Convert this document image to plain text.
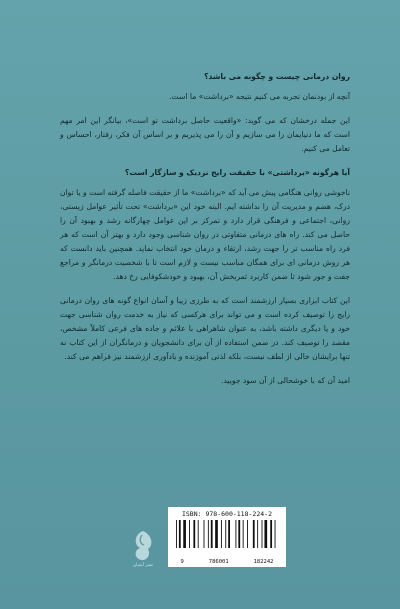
روان درمانی چیست و چگونه می باشد؟

آنچه از بودنمان تجربه می کنیم نتیجه «برداشت» ما است.

این جمله درخشان که می گوید: «واقعیت حاصل برداشت تو است»، بیانگر این امر مهم است که ما دنیایمان را می سازیم و آن را می پذیریم و بر اساس آن فکر، رفتار، احساس و تعامل می کنیم.

آیا هرگونه «برداشتی» با حقیقت رایج نزدیک و سازگار است؟

ناخوشی روانی هنگامی پیش می آید که «برداشت» ما از حقیقت فاصله گرفته است و یا توان درک، هضم و مدیریت آن را نداشته ایم. البته خود این «برداشت» تحت تأثیر عوامل زیستی، روانی، اجتماعی و فرهنگی قرار دارد و تمرکز بر این عوامل چهارگانه رشد و بهبود آن را حاصل می کند. راه های درمانی متفاوتی در روان شناسی وجود دارد و بهتر آن است که هر فرد راه مناسب تر را جهت رشد، ارتقاء و درمان خود انتخاب نماید. همچنین باید دانست که هر روش درمانی ای برای همگان مناسب نیست و لازم است تا با شخصیت درمانگر و مراجع جفت و جور شود تا ضمن کاربرد ثمربخش آن، بهبود و خودشکوفایی رخ دهد.

این کتاب ابزاری بسیار ارزشمند است که به طرزی زیبا و آسان انواع گونه های روان درمانی رایج را توصیف کرده است و می تواند برای هرکسی که نیاز به خدمت روان شناسی جهت خود و یا دیگری داشته باشد، به عنوان شاهراهی با علائم و جاده های فرعی کاملاً مشخص، مقصد را توصیف کند. در ضمن استفاده از آن برای دانشجویان و درمانگران از این کتاب نه تنها برایشان خالی از لطف نیست، بلکه لذتی آموزنده و یادآوری ارزشمند نیز فراهم می کند.

امید آن که با خوشحالی از آن سود جویید.

نشر آشیان
ISBN: 978-600-118-224-2
9	786001	182242
